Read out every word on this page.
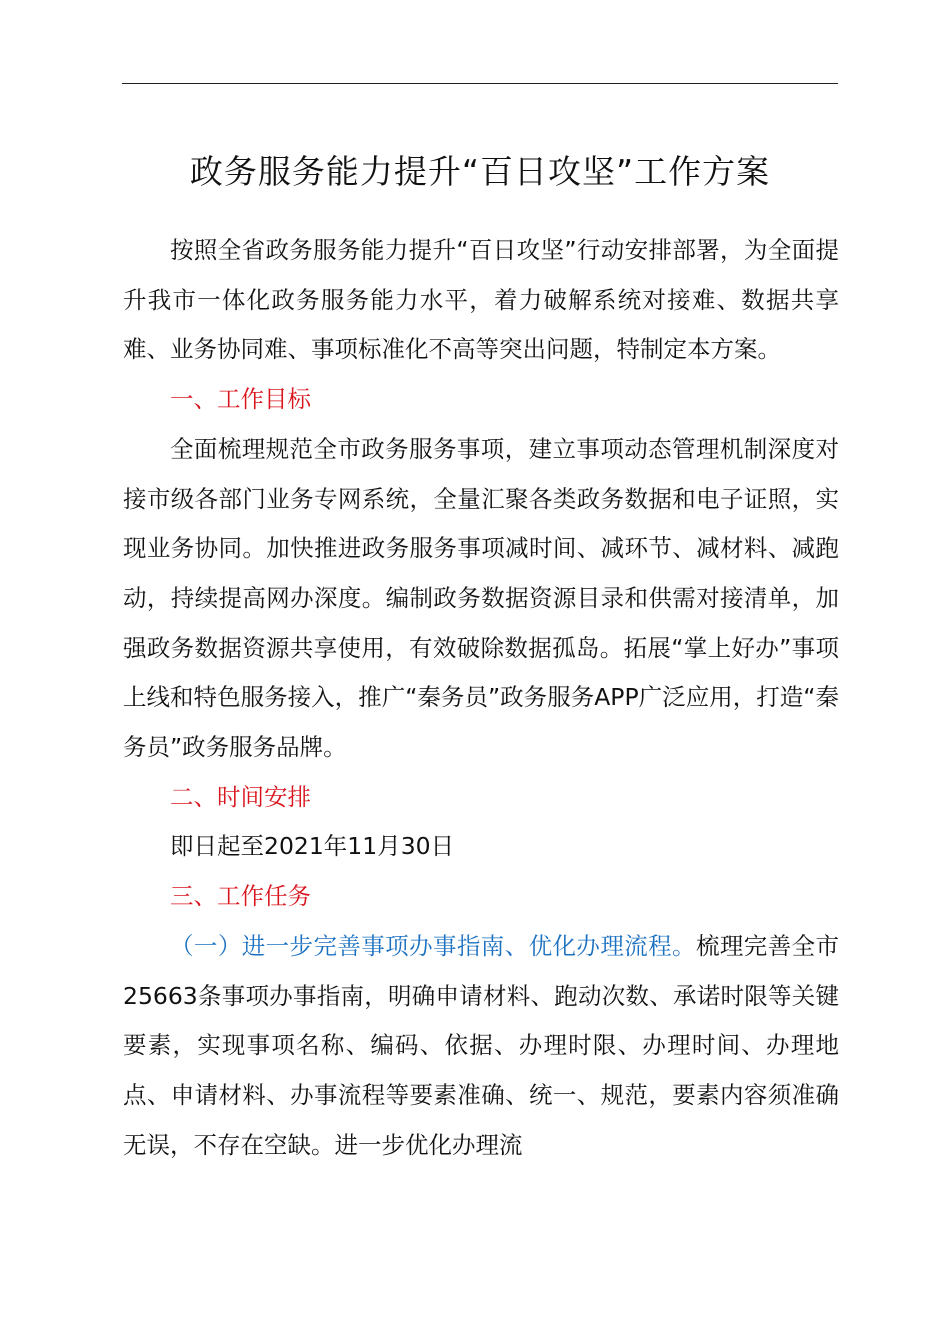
政务服务能力提升“百日攻坚”工作方案

按照全省政务服务能力提升“百日攻坚”行动安排部署，为全面提升我市一体化政务服务能力水平，着力破解系统对接难、数据共享难、业务协同难、事项标准化不高等突出问题，特制定本方案。

一、工作目标

全面梳理规范全市政务服务事项，建立事项动态管理机制深度对接市级各部门业务专网系统，全量汇聚各类政务数据和电子证照，实现业务协同。加快推进政务服务事项减时间、减环节、减材料、减跑动，持续提高网办深度。编制政务数据资源目录和供需对接清单，加强政务数据资源共享使用，有效破除数据孤岛。拓展“掌上好办”事项上线和特色服务接入，推广“秦务员”政务服务APP广泛应用，打造“秦务员”政务服务品牌。

二、时间安排

即日起至2021年11月30日

三、工作任务

（一）进一步完善事项办事指南、优化办理流程。梳理完善全市25663条事项办事指南，明确申请材料、跑动次数、承诺时限等关键要素，实现事项名称、编码、依据、办理时限、办理时间、办理地点、申请材料、办事流程等要素准确、统一、规范，要素内容须准确无误，不存在空缺。进一步优化办理流
